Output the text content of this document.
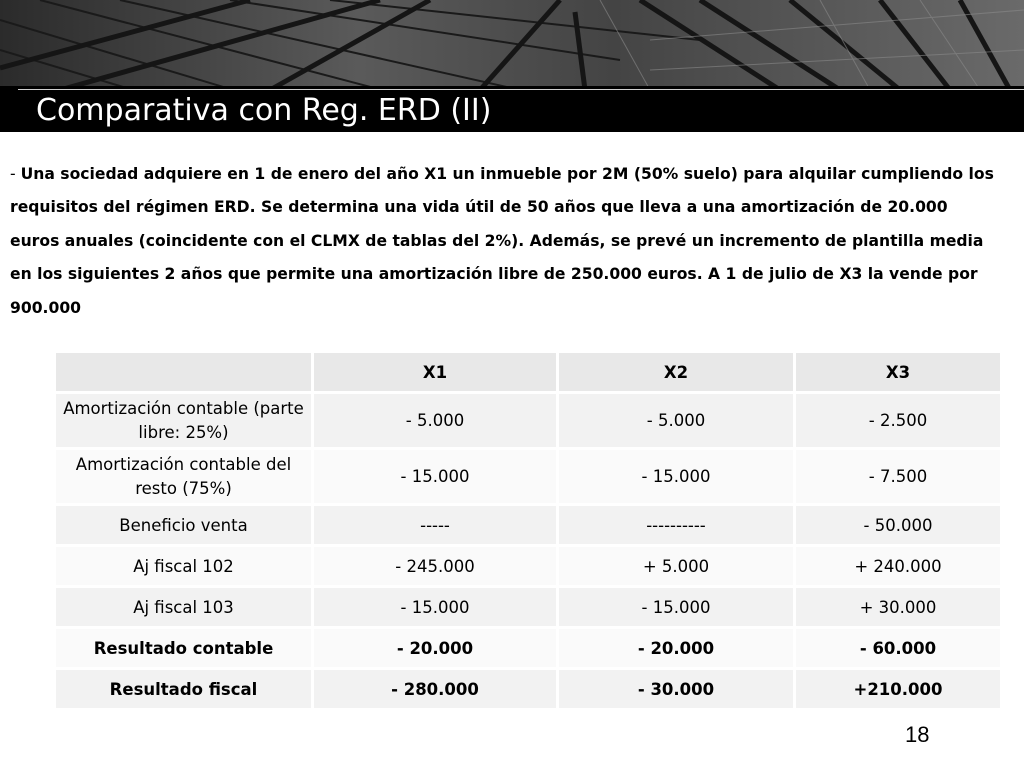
Comparativa con Reg. ERD (II)
- Una sociedad adquiere en 1 de enero del año X1 un inmueble por 2M (50% suelo) para alquilar cumpliendo los requisitos del régimen ERD. Se determina una vida útil de 50 años que lleva a una amortización de 20.000 euros anuales (coincidente con el CLMX de tablas del 2%). Además, se prevé un incremento de plantilla media en los siguientes 2 años que permite una amortización libre de 250.000 euros. A 1 de julio de X3 la vende por 900.000
	X1	X2	X3
Amortización contable (parte libre: 25%)	- 5.000	- 5.000	- 2.500
Amortización contable del resto (75%)	- 15.000	- 15.000	- 7.500
Beneficio venta	-----	----------	- 50.000
Aj fiscal 102	- 245.000	+ 5.000	+ 240.000
Aj fiscal 103	- 15.000	- 15.000	+ 30.000
Resultado contable	- 20.000	- 20.000	- 60.000
Resultado fiscal	- 280.000	- 30.000	+210.000
18
